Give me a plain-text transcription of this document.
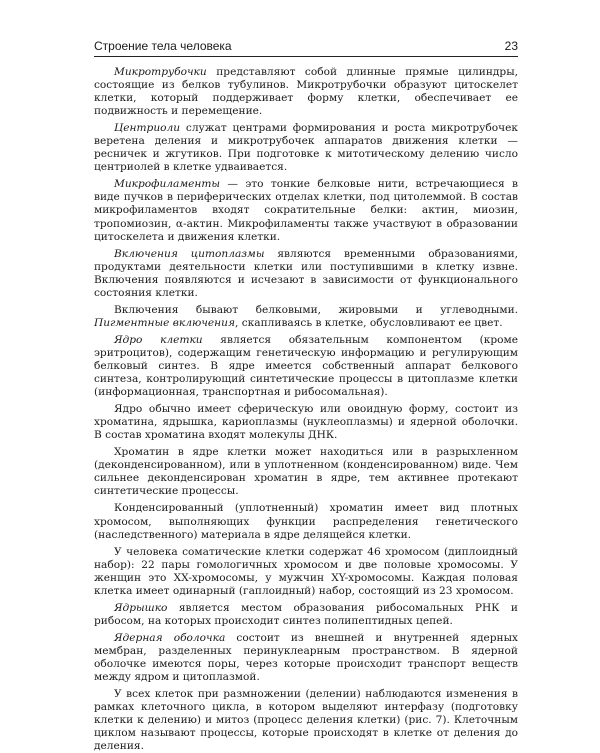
Строение тела человека	23

Микротрубочки представляют собой длинные прямые цилиндры, состоящие из белков тубулинов. Микротрубочки образуют цитоскелет клетки, который поддерживает форму клетки, обеспечивает ее подвижность и перемещение.

Центриоли служат центрами формирования и роста микротрубочек веретена деления и микротрубочек аппаратов движения клетки — ресничек и жгутиков. При подготовке к митотическому делению число центриолей в клетке удваивается.

Микрофиламенты — это тонкие белковые нити, встречающиеся в виде пучков в периферических отделах клетки, под цитолеммой. В состав микрофиламентов входят сократительные белки: актин, миозин, тропомиозин, α-актин. Микрофиламенты также участвуют в образовании цитоскелета и движения клетки.

Включения цитоплазмы являются временными образованиями, продуктами деятельности клетки или поступившими в клетку извне. Включения появляются и исчезают в зависимости от функционального состояния клетки.

Включения бывают белковыми, жировыми и углеводными. Пигментные включения, скапливаясь в клетке, обусловливают ее цвет.

Ядро клетки является обязательным компонентом (кроме эритроцитов), содержащим генетическую информацию и регулирующим белковый синтез. В ядре имеется собственный аппарат белкового синтеза, контролирующий синтетические процессы в цитоплазме клетки (информационная, транспортная и рибосомальная).

Ядро обычно имеет сферическую или овоидную форму, состоит из хроматина, ядрышка, кариоплазмы (нуклеоплазмы) и ядерной оболочки. В состав хроматина входят молекулы ДНК.

Хроматин в ядре клетки может находиться или в разрыхленном (деконденсированном), или в уплотненном (конденсированном) виде. Чем сильнее деконденсирован хроматин в ядре, тем активнее протекают синтетические процессы.

Конденсированный (уплотненный) хроматин имеет вид плотных хромосом, выполняющих функции распределения генетического (наследственного) материала в ядре делящейся клетки.

У человека соматические клетки содержат 46 хромосом (диплоидный набор): 22 пары гомологичных хромосом и две половые хромосомы. У женщин это XX-хромосомы, у мужчин XY-хромосомы. Каждая половая клетка имеет одинарный (гаплоидный) набор, состоящий из 23 хромосом.

Ядрышко является местом образования рибосомальных РНК и рибосом, на которых происходит синтез полипептидных цепей.

Ядерная оболочка состоит из внешней и внутренней ядерных мембран, разделенных перинуклеарным пространством. В ядерной оболочке имеются поры, через которые происходит транспорт веществ между ядром и цитоплазмой.

У всех клеток при размножении (делении) наблюдаются изменения в рамках клеточного цикла, в котором выделяют интерфазу (подготовку клетки к делению) и митоз (процесс деления клетки) (рис. 7). Клеточным циклом называют процессы, которые происходят в клетке от деления до деления.
